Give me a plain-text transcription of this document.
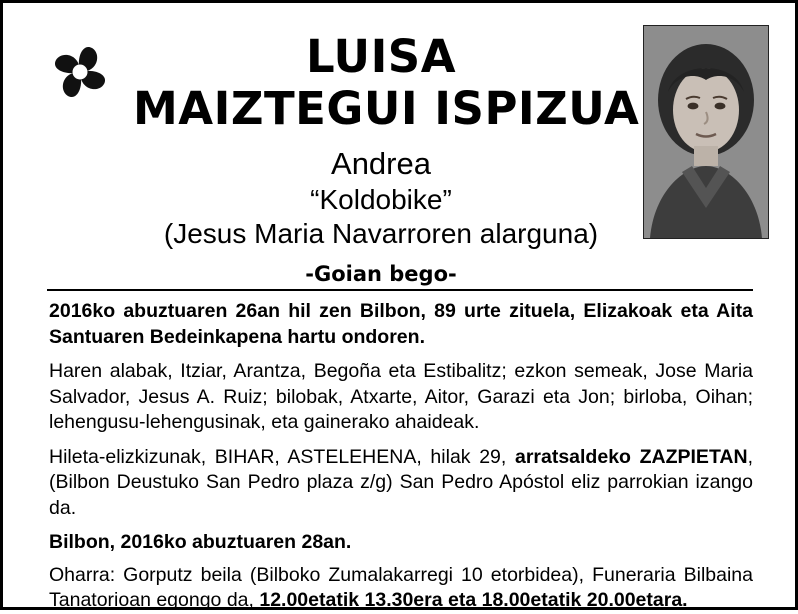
LUISA
MAIZTEGUI ISPIZUA
Andrea
“Koldobike”
(Jesus Maria Navarroren alarguna)
-Goian bego-

2016ko abuztuaren 26an hil zen Bilbon, 89 urte zituela, Elizakoak eta Aita Santuaren Bedeinkapena hartu ondoren.

Haren alabak, Itziar, Arantza, Begoña eta Estibalitz; ezkon semeak, Jose Maria Salvador, Jesus A. Ruiz; bilobak, Atxarte, Aitor, Garazi eta Jon; birloba, Oihan; lehengusu-lehengusinak, eta gainerako ahaideak.

Hileta-elizkizunak, BIHAR, ASTELEHENA, hilak 29, arratsaldeko ZAZPIETAN, (Bilbon Deustuko San Pedro plaza z/g) San Pedro Apóstol eliz parrokian izango da.

Bilbon, 2016ko abuztuaren 28an.

Oharra: Gorputz beila (Bilboko Zumalakarregi 10 etorbidea), Funeraria Bilbaina Tanatorioan egongo da, 12.00etatik 13.30era eta 18.00etatik 20.00etara.
